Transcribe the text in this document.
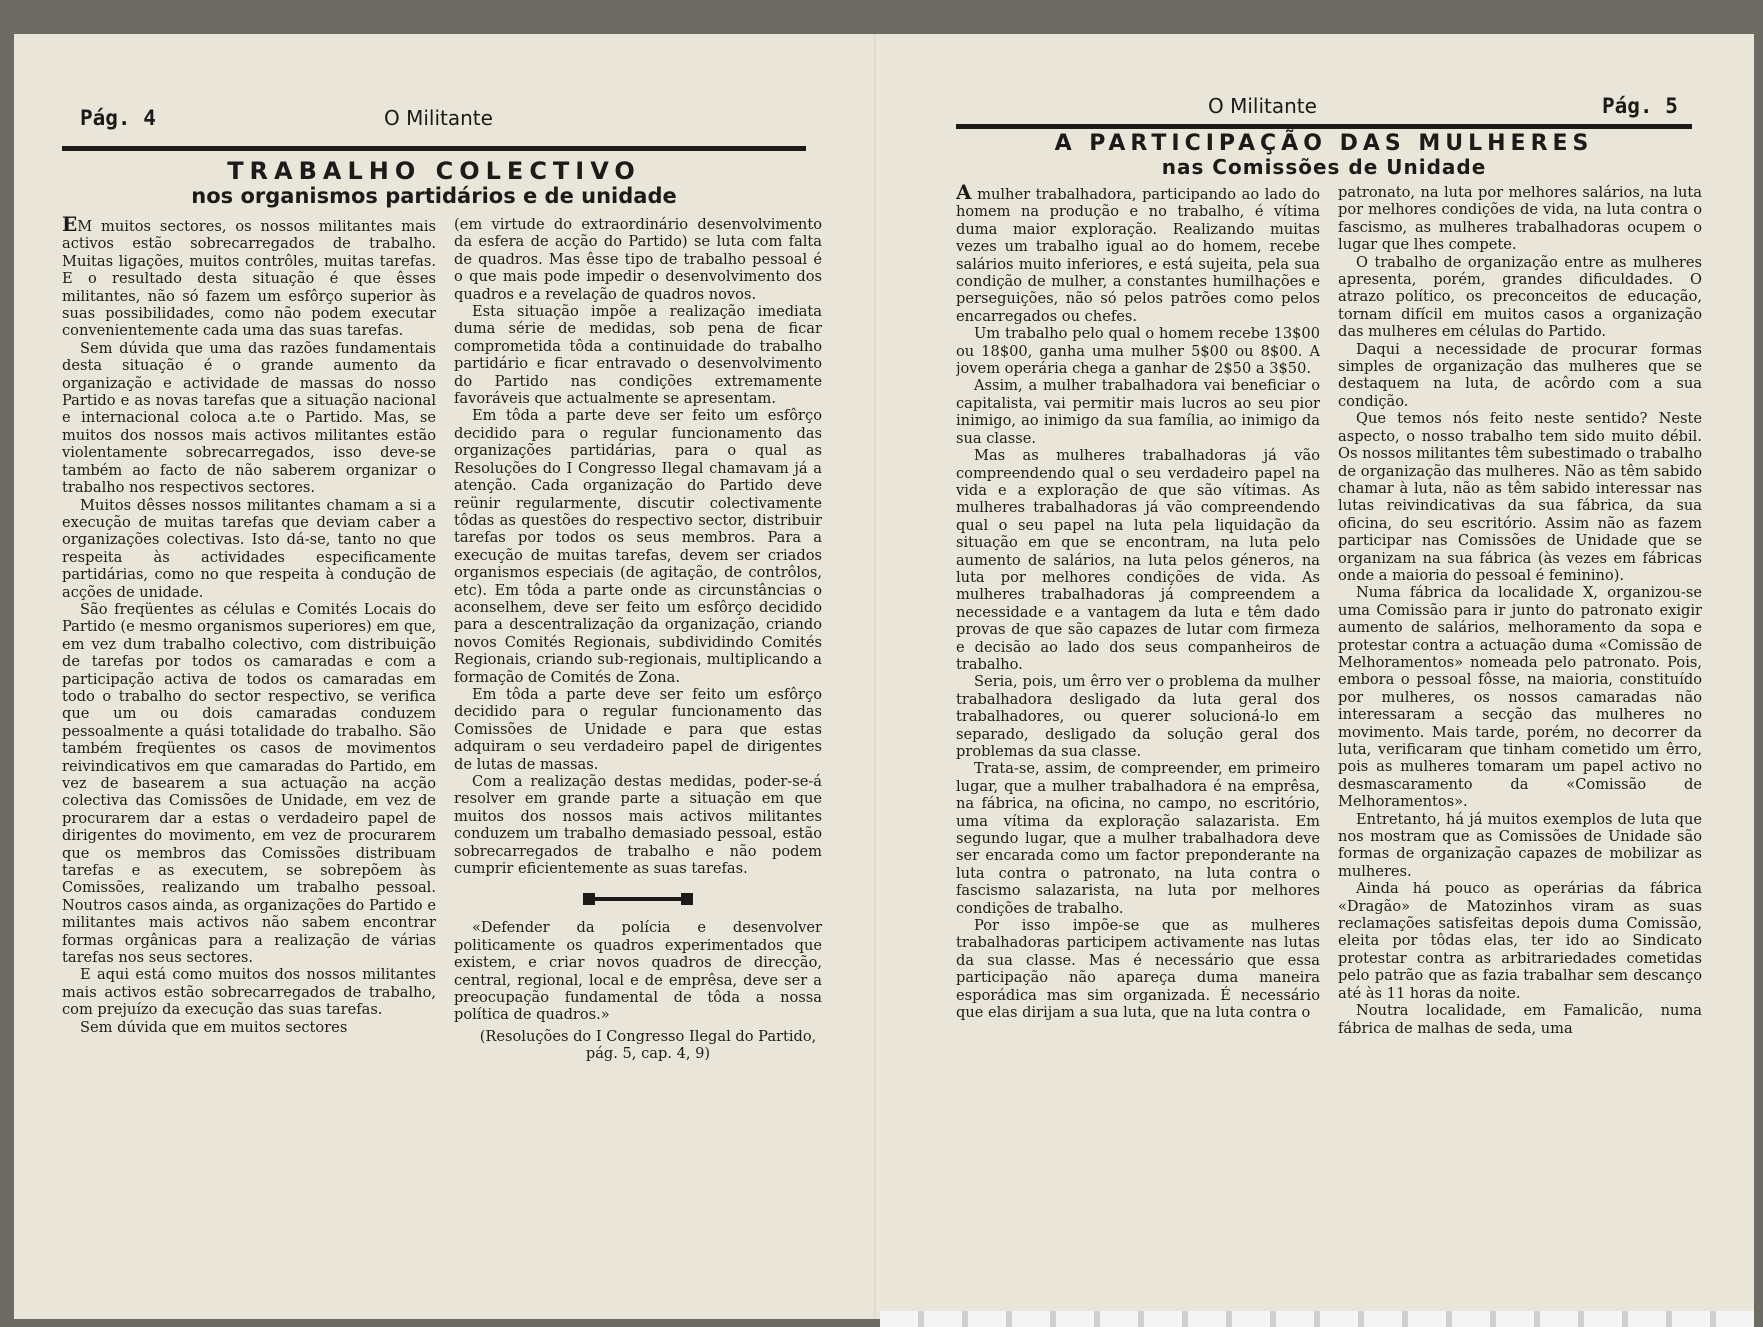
Pág. 4	O Militante
TRABALHO COLECTIVO
nos organismos partidários e de unidade

EM muitos sectores, os nossos militantes mais activos estão sobrecarregados de trabalho. Muitas ligações, muitos contrôles, muitas tarefas. E o resultado desta situação é que êsses militantes, não só fazem um esfôrço superior às suas possibilidades, como não podem executar convenientemente cada uma das suas tarefas.

Sem dúvida que uma das razões fundamentais desta situação é o grande aumento da organização e actividade de massas do nosso Partido e as novas tarefas que a situação nacional e internacional coloca a.te o Partido. Mas, se muitos dos nossos mais activos militantes estão violentamente sobrecarregados, isso deve-se também ao facto de não saberem organizar o trabalho nos respectivos sectores.

Muitos dêsses nossos militantes chamam a si a execução de muitas tarefas que deviam caber a organizações colectivas. Isto dá-se, tanto no que respeita às actividades especificamente partidárias, como no que respeita à condução de acções de unidade.

São freqüentes as células e Comités Locais do Partido (e mesmo organismos superiores) em que, em vez dum trabalho colectivo, com distribuição de tarefas por todos os camaradas e com a participação activa de todos os camaradas em todo o trabalho do sector respectivo, se verifica que um ou dois camaradas conduzem pessoalmente a quási totalidade do trabalho. São também freqüentes os casos de movimentos reivindicativos em que camaradas do Partido, em vez de basearem a sua actuação na acção colectiva das Comissões de Unidade, em vez de procurarem dar a estas o verdadeiro papel de dirigentes do movimento, em vez de procurarem que os membros das Comissões distribuam tarefas e as executem, se sobrepõem às Comissões, realizando um trabalho pessoal. Noutros casos ainda, as organizações do Partido e militantes mais activos não sabem encontrar formas orgânicas para a realização de várias tarefas nos seus sectores.

E aqui está como muitos dos nossos militantes mais activos estão sobrecarregados de trabalho, com prejuízo da execução das suas tarefas.

Sem dúvida que em muitos sectores

(em virtude do extraordinário desenvolvimento da esfera de acção do Partido) se luta com falta de quadros. Mas êsse tipo de trabalho pessoal é o que mais pode impedir o desenvolvimento dos quadros e a revelação de quadros novos.

Esta situação impõe a realização imediata duma série de medidas, sob pena de ficar comprometida tôda a continuidade do trabalho partidário e ficar entravado o desenvolvimento do Partido nas condições extremamente favoráveis que actualmente se apresentam.

Em tôda a parte deve ser feito um esfôrço decidido para o regular funcionamento das organizações partidárias, para o qual as Resoluções do I Congresso Ilegal chamavam já a atenção. Cada organização do Partido deve reünir regularmente, discutir colectivamente tôdas as questões do respectivo sector, distribuir tarefas por todos os seus membros. Para a execução de muitas tarefas, devem ser criados organismos especiais (de agitação, de contrôlos, etc). Em tôda a parte onde as circunstâncias o aconselhem, deve ser feito um esfôrço decidido para a descentralização da organização, criando novos Comités Regionais, subdividindo Comités Regionais, criando sub-regionais, multiplicando a formação de Comités de Zona.

Em tôda a parte deve ser feito um esfôrço decidido para o regular funcionamento das Comissões de Unidade e para que estas adquiram o seu verdadeiro papel de dirigentes de lutas de massas.

Com a realização destas medidas, poder-se-á resolver em grande parte a situação em que muitos dos nossos mais activos militantes conduzem um trabalho demasiado pessoal, estão sobrecarregados de trabalho e não podem cumprir eficientemente as suas tarefas.

«Defender da polícia e desenvolver politicamente os quadros experimentados que existem, e criar novos quadros de direcção, central, regional, local e de emprêsa, deve ser a preocupação fundamental de tôda a nossa política de quadros.»

(Resoluções do I Congresso Ilegal do Partido, pág. 5, cap. 4, 9)
O Militante	Pág. 5
A PARTICIPAÇÃO DAS MULHERES
nas Comissões de Unidade

A mulher trabalhadora, participando ao lado do homem na produção e no trabalho, é vítima duma maior exploração. Realizando muitas vezes um trabalho igual ao do homem, recebe salários muito inferiores, e está sujeita, pela sua condição de mulher, a constantes humilhações e perseguições, não só pelos patrões como pelos encarregados ou chefes.

Um trabalho pelo qual o homem recebe 13$00 ou 18$00, ganha uma mulher 5$00 ou 8$00. A jovem operária chega a ganhar de 2$50 a 3$50.

Assim, a mulher trabalhadora vai beneficiar o capitalista, vai permitir mais lucros ao seu pior inimigo, ao inimigo da sua família, ao inimigo da sua classe.

Mas as mulheres trabalhadoras já vão compreendendo qual o seu verdadeiro papel na vida e a exploração de que são vítimas. As mulheres trabalhadoras já vão compreendendo qual o seu papel na luta pela liquidação da situação em que se encontram, na luta pelo aumento de salários, na luta pelos géneros, na luta por melhores condições de vida. As mulheres trabalhadoras já compreendem a necessidade e a vantagem da luta e têm dado provas de que são capazes de lutar com firmeza e decisão ao lado dos seus companheiros de trabalho.

Seria, pois, um êrro ver o problema da mulher trabalhadora desligado da luta geral dos trabalhadores, ou querer solucioná-lo em separado, desligado da solução geral dos problemas da sua classe.

Trata-se, assim, de compreender, em primeiro lugar, que a mulher trabalhadora é na emprêsa, na fábrica, na oficina, no campo, no escritório, uma vítima da exploração salazarista. Em segundo lugar, que a mulher trabalhadora deve ser encarada como um factor preponderante na luta contra o patronato, na luta contra o fascismo salazarista, na luta por melhores condições de trabalho.

Por isso impõe-se que as mulheres trabalhadoras participem activamente nas lutas da sua classe. Mas é necessário que essa participação não apareça duma maneira esporádica mas sim organizada. É necessário que elas dirijam a sua luta, que na luta contra o

patronato, na luta por melhores salários, na luta por melhores condições de vida, na luta contra o fascismo, as mulheres trabalhadoras ocupem o lugar que lhes compete.

O trabalho de organização entre as mulheres apresenta, porém, grandes dificuldades. O atrazo político, os preconceitos de educação, tornam difícil em muitos casos a organização das mulheres em células do Partido.

Daqui a necessidade de procurar formas simples de organização das mulheres que se destaquem na luta, de acôrdo com a sua condição.

Que temos nós feito neste sentido? Neste aspecto, o nosso trabalho tem sido muito débil. Os nossos militantes têm subestimado o trabalho de organização das mulheres. Não as têm sabido chamar à luta, não as têm sabido interessar nas lutas reivindicativas da sua fábrica, da sua oficina, do seu escritório. Assim não as fazem participar nas Comissões de Unidade que se organizam na sua fábrica (às vezes em fábricas onde a maioria do pessoal é feminino).

Numa fábrica da localidade X, organizou-se uma Comissão para ir junto do patronato exigir aumento de salários, melhoramento da sopa e protestar contra a actuação duma «Comissão de Melhoramentos» nomeada pelo patronato. Pois, embora o pessoal fôsse, na maioria, constituído por mulheres, os nossos camaradas não interessaram a secção das mulheres no movimento. Mais tarde, porém, no decorrer da luta, verificaram que tinham cometido um êrro, pois as mulheres tomaram um papel activo no desmascaramento da «Comissão de Melhoramentos».

Entretanto, há já muitos exemplos de luta que nos mostram que as Comissões de Unidade são formas de organização capazes de mobilizar as mulheres.

Ainda há pouco as operárias da fábrica «Dragão» de Matozinhos viram as suas reclamações satisfeitas depois duma Comissão, eleita por tôdas elas, ter ido ao Sindicato protestar contra as arbitrariedades cometidas pelo patrão que as fazia trabalhar sem descanço até às 11 horas da noite.

Noutra localidade, em Famalicão, numa fábrica de malhas de seda, uma
